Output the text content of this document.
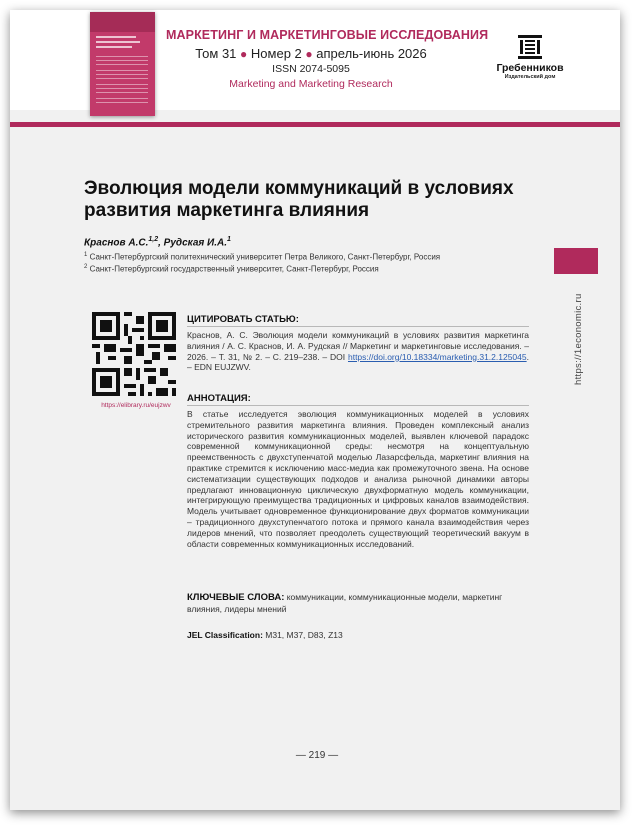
МАРКЕТИНГ И МАРКЕТИНГОВЫЕ ИССЛЕДОВАНИЯ
Том 31 ● Номер 2 ● апрель-июнь 2026
ISSN 2074-5095
Marketing and Marketing Research
Гребенников
Издательский дом
https://1economic.ru
Эволюция модели коммуникаций в условиях развития маркетинга влияния
Краснов А.С.$^{1,2}$, Рудская И.А.$^1$
$^1$ Санкт-Петербургский политехнический университет Петра Великого, Санкт-Петербург, Россия
$^2$ Санкт-Петербургский государственный университет, Санкт-Петербург, Россия
https://elibrary.ru/eujzwv
ЦИТИРОВАТЬ СТАТЬЮ:
Краснов, А. С. Эволюция модели коммуникаций в условиях развития маркетинга влияния / А. С. Краснов, И. А. Рудская // Маркетинг и маркетинговые исследования. – 2026. – Т. 31, № 2. – С. 219–238. – DOI https://doi.org/10.18334/marketing.31.2.125045. – EDN EUJZWV.
АННОТАЦИЯ:
В статье исследуется эволюция коммуникационных моделей в условиях стремительного развития маркетинга влияния. Проведен комплексный анализ исторического развития коммуникационных моделей, выявлен ключевой парадокс современной коммуникационной среды: несмотря на концептуальную преемственность с двухступенчатой моделью Лазарсфельда, маркетинг влияния на практике стремится к исключению масс-медиа как промежуточного звена. На основе систематизации существующих подходов и анализа рыночной динамики авторы предлагают инновационную циклическую двухформатную модель коммуникации, интегрирующую преимущества традиционных и цифровых каналов взаимодействия. Модель учитывает одновременное функционирование двух форматов коммуникации – традиционного двухступенчатого потока и прямого канала взаимодействия через лидеров мнений, что позволяет преодолеть существующий теоретический вакуум в области современных коммуникационных исследований.
КЛЮЧЕВЫЕ СЛОВА: коммуникации, коммуникационные модели, маркетинг влияния, лидеры мнений
JEL Classification: M31, M37, D83, Z13
— 219 —
